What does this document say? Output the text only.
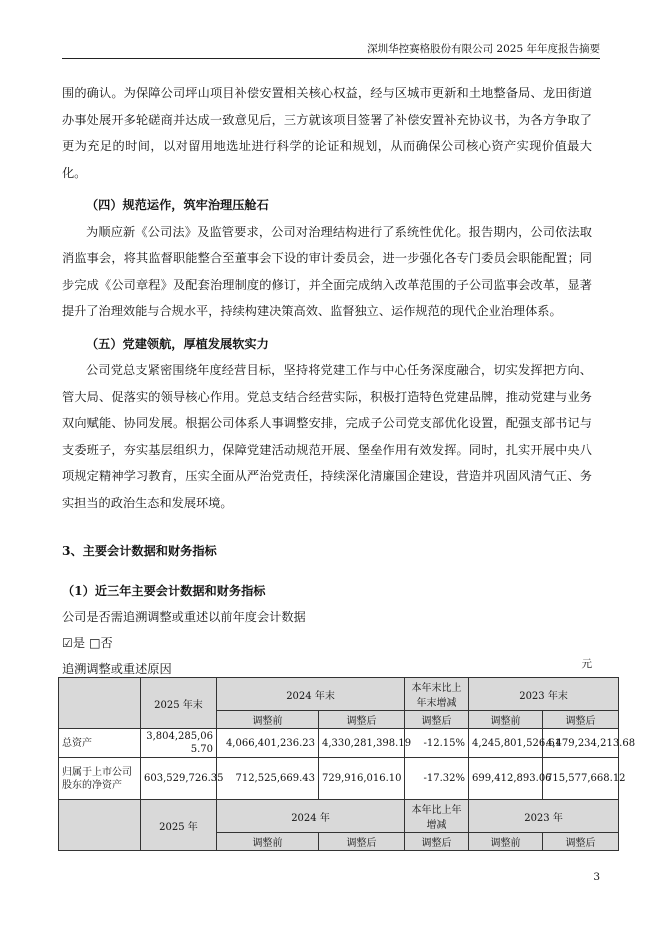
深圳华控赛格股份有限公司 2025 年年度报告摘要

围的确认。为保障公司坪山项目补偿安置相关核心权益，经与区城市更新和土地整备局、龙田街道办事处展开多轮磋商并达成一致意见后，三方就该项目签署了补偿安置补充协议书，为各方争取了更为充足的时间，以对留用地选址进行科学的论证和规划，从而确保公司核心资产实现价值最大化。

（四）规范运作，筑牢治理压舱石

为顺应新《公司法》及监管要求，公司对治理结构进行了系统性优化。报告期内，公司依法取消监事会，将其监督职能整合至董事会下设的审计委员会，进一步强化各专门委员会职能配置；同步完成《公司章程》及配套治理制度的修订，并全面完成纳入改革范围的子公司监事会改革，显著提升了治理效能与合规水平，持续构建决策高效、监督独立、运作规范的现代企业治理体系。

（五）党建领航，厚植发展软实力

公司党总支紧密围绕年度经营目标，坚持将党建工作与中心任务深度融合，切实发挥把方向、管大局、促落实的领导核心作用。党总支结合经营实际，积极打造特色党建品牌，推动党建与业务双向赋能、协同发展。根据公司体系人事调整安排，完成子公司党支部优化设置，配强支部书记与支委班子，夯实基层组织力，保障党建活动规范开展、堡垒作用有效发挥。同时，扎实开展中央八项规定精神学习教育，压实全面从严治党责任，持续深化清廉国企建设，营造并巩固风清气正、务实担当的政治生态和发展环境。

3、主要会计数据和财务指标

（1）近三年主要会计数据和财务指标

公司是否需追溯调整或重述以前年度会计数据

☑是 □否

追溯调整或重述原因	元
	2025 年末	2024 年末		本年末比上年末增减	2023 年末	
		调整前	调整后	调整后	调整前	调整后
总资产	3,804,285,065.70	4,066,401,236.23	4,330,281,398.19	-12.15%	4,245,801,526.61	4,479,234,213.68
归属于上市公司股东的净资产	603,529,726.35	712,525,669.43	729,916,016.10	-17.32%	699,412,893.06	715,577,668.12
	2025 年	2024 年		本年比上年增减	2023 年	
		调整前	调整后	调整后	调整前	调整后
3
